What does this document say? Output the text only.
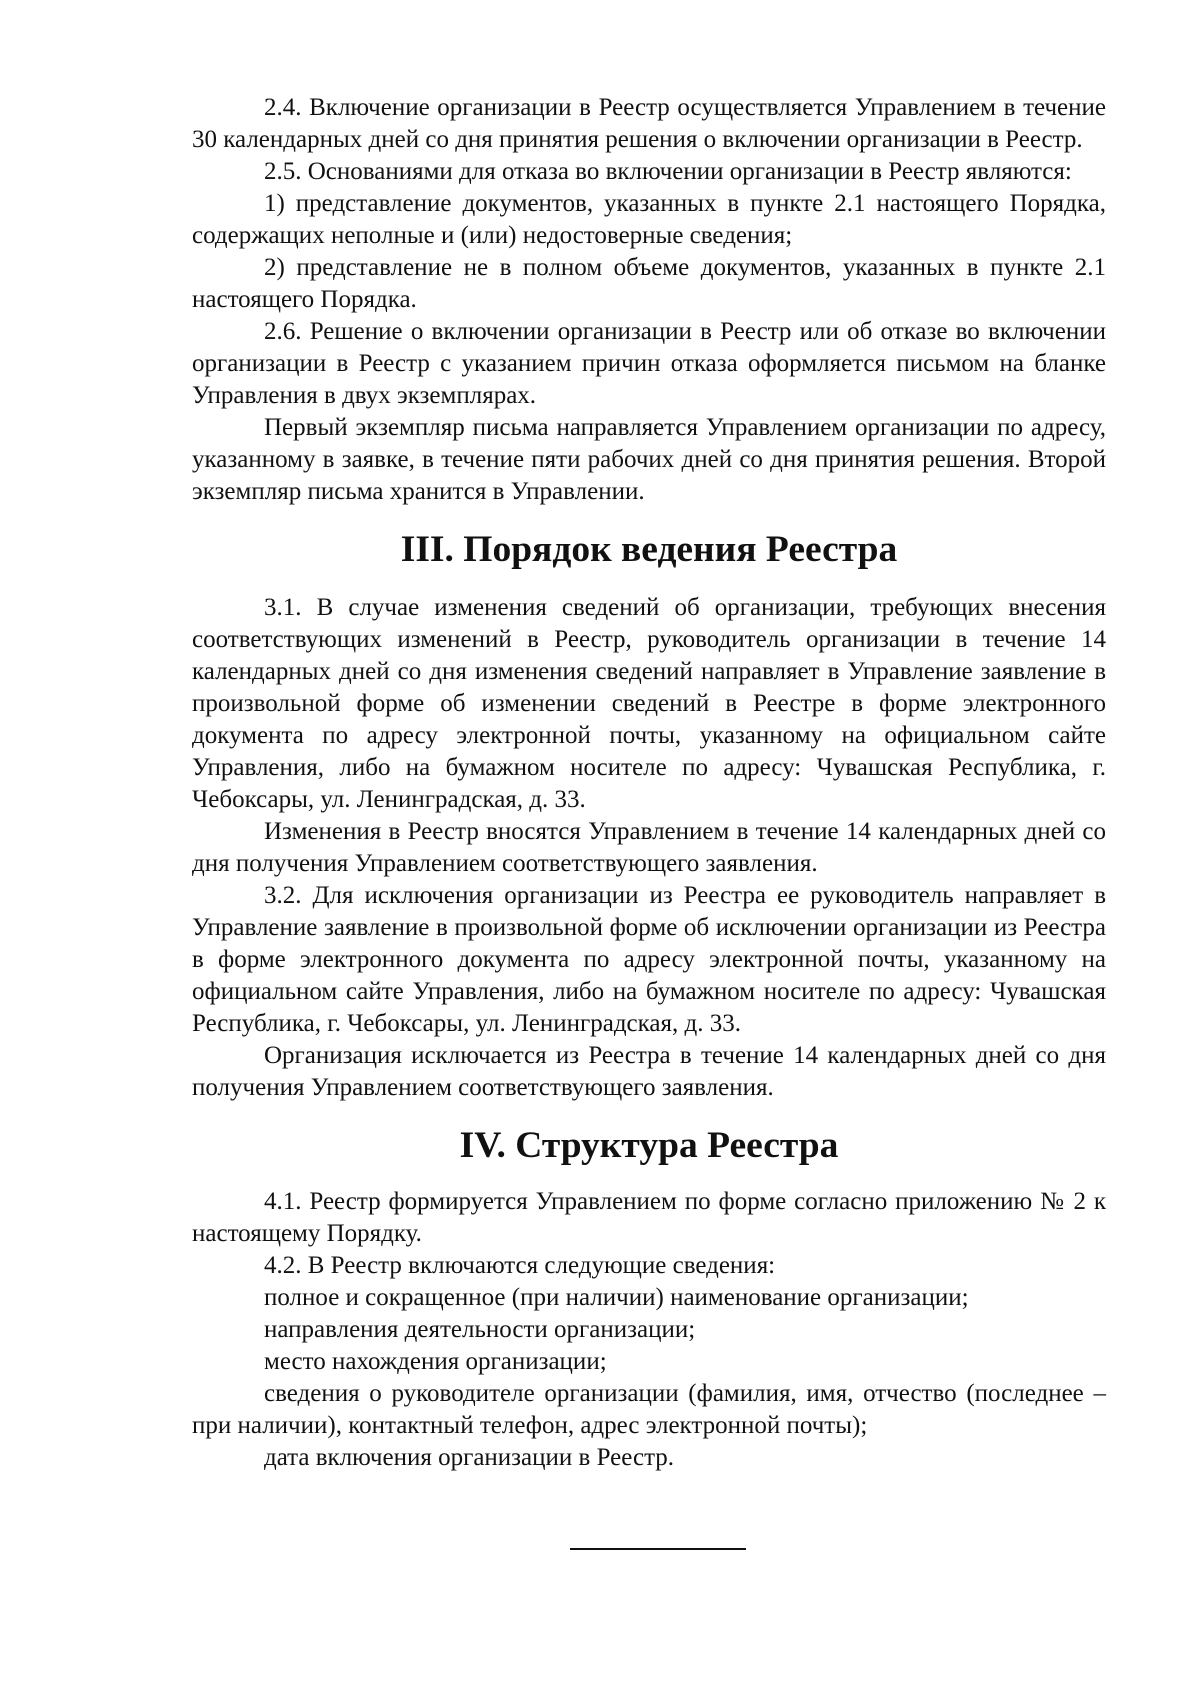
2.4. Включение организации в Реестр осуществляется Управлением в течение 30 календарных дней со дня принятия решения о включении организации в Реестр.

2.5. Основаниями для отказа во включении организации в Реестр являются:

1) представление документов, указанных в пункте 2.1 настоящего Порядка, содержащих неполные и (или) недостоверные сведения;

2) представление не в полном объеме документов, указанных в пункте 2.1 настоящего Порядка.

2.6. Решение о включении организации в Реестр или об отказе во включении организации в Реестр с указанием причин отказа оформляется письмом на бланке Управления в двух экземплярах.

Первый экземпляр письма направляется Управлением организации по адресу, указанному в заявке, в течение пяти рабочих дней со дня принятия решения. Второй экземпляр письма хранится в Управлении.

III. Порядок ведения Реестра

3.1. В случае изменения сведений об организации, требующих внесения соответствующих изменений в Реестр, руководитель организации в течение 14 календарных дней со дня изменения сведений направляет в Управление заявление в произвольной форме об изменении сведений в Реестре в форме электронного документа по адресу электронной почты, указанному на официальном сайте Управления, либо на бумажном носителе по адресу: Чувашская Республика, г. Чебоксары, ул. Ленинградская, д. 33.

Изменения в Реестр вносятся Управлением в течение 14 календарных дней со дня получения Управлением соответствующего заявления.

3.2. Для исключения организации из Реестра ее руководитель направляет в Управление заявление в произвольной форме об исключении организации из Реестра в форме электронного документа по адресу электронной почты, указанному на официальном сайте Управления, либо на бумажном носителе по адресу: Чувашская Республика, г. Чебоксары, ул. Ленинградская, д. 33.

Организация исключается из Реестра в течение 14 календарных дней со дня получения Управлением соответствующего заявления.

IV. Структура Реестра

4.1. Реестр формируется Управлением по форме согласно приложению № 2 к настоящему Порядку.

4.2. В Реестр включаются следующие сведения:

полное и сокращенное (при наличии) наименование организации;

направления деятельности организации;

место нахождения организации;

сведения о руководителе организации (фамилия, имя, отчество (последнее – при наличии), контактный телефон, адрес электронной почты);

дата включения организации в Реестр.
